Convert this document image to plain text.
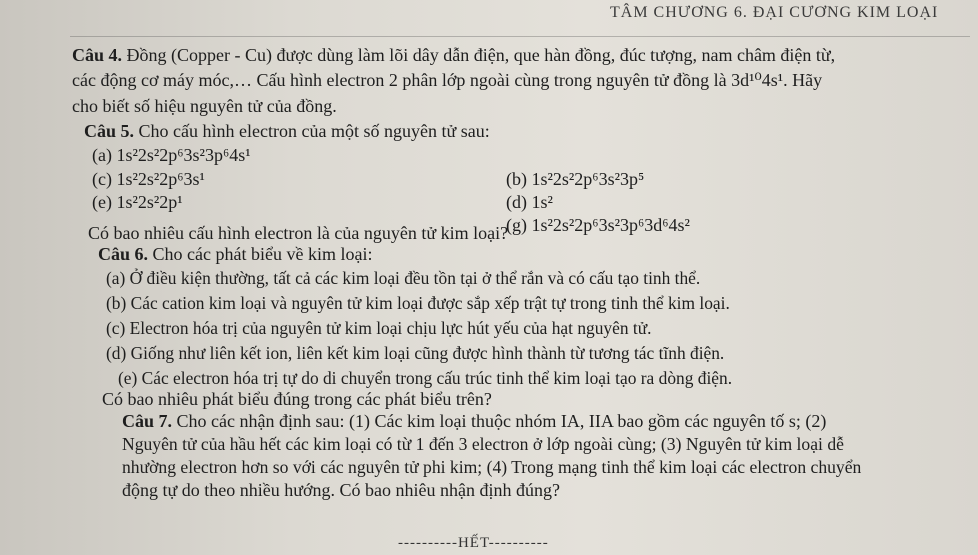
TÂM CHƯƠNG 6. ĐẠI CƯƠNG KIM LOẠI
Câu 4. Đồng (Copper - Cu) được dùng làm lõi dây dẫn điện, que hàn đồng, đúc tượng, nam châm điện từ,
các động cơ máy móc,… Cấu hình electron 2 phân lớp ngoài cùng trong nguyên tử đồng là 3d¹⁰4s¹. Hãy
cho biết số hiệu nguyên tử của đồng.
Câu 5. Cho cấu hình electron của một số nguyên tử sau:
(a) 1s²2s²2p⁶3s²3p⁶4s¹
(c) 1s²2s²2p⁶3s¹	(b) 1s²2s²2p⁶3s²3p⁵
(e) 1s²2s²2p¹	(d) 1s²
(g) 1s²2s²2p⁶3s²3p⁶3d⁶4s²
Có bao nhiêu cấu hình electron là của nguyên tử kim loại?
Câu 6. Cho các phát biểu về kim loại:
(a) Ở điều kiện thường, tất cả các kim loại đều tồn tại ở thể rắn và có cấu tạo tinh thể.
(b) Các cation kim loại và nguyên tử kim loại được sắp xếp trật tự trong tinh thể kim loại.
(c) Electron hóa trị của nguyên tử kim loại chịu lực hút yếu của hạt nguyên tử.
(d) Giống như liên kết ion, liên kết kim loại cũng được hình thành từ tương tác tĩnh điện.
(e) Các electron hóa trị tự do di chuyển trong cấu trúc tinh thể kim loại tạo ra dòng điện.
Có bao nhiêu phát biểu đúng trong các phát biểu trên?
Câu 7. Cho các nhận định sau: (1) Các kim loại thuộc nhóm IA, IIA bao gồm các nguyên tố s; (2)
Nguyên tử của hầu hết các kim loại có từ 1 đến 3 electron ở lớp ngoài cùng; (3) Nguyên tử kim loại dễ
nhường electron hơn so với các nguyên tử phi kim; (4) Trong mạng tinh thể kim loại các electron chuyển
động tự do theo nhiều hướng. Có bao nhiêu nhận định đúng?
----------HẾT----------
